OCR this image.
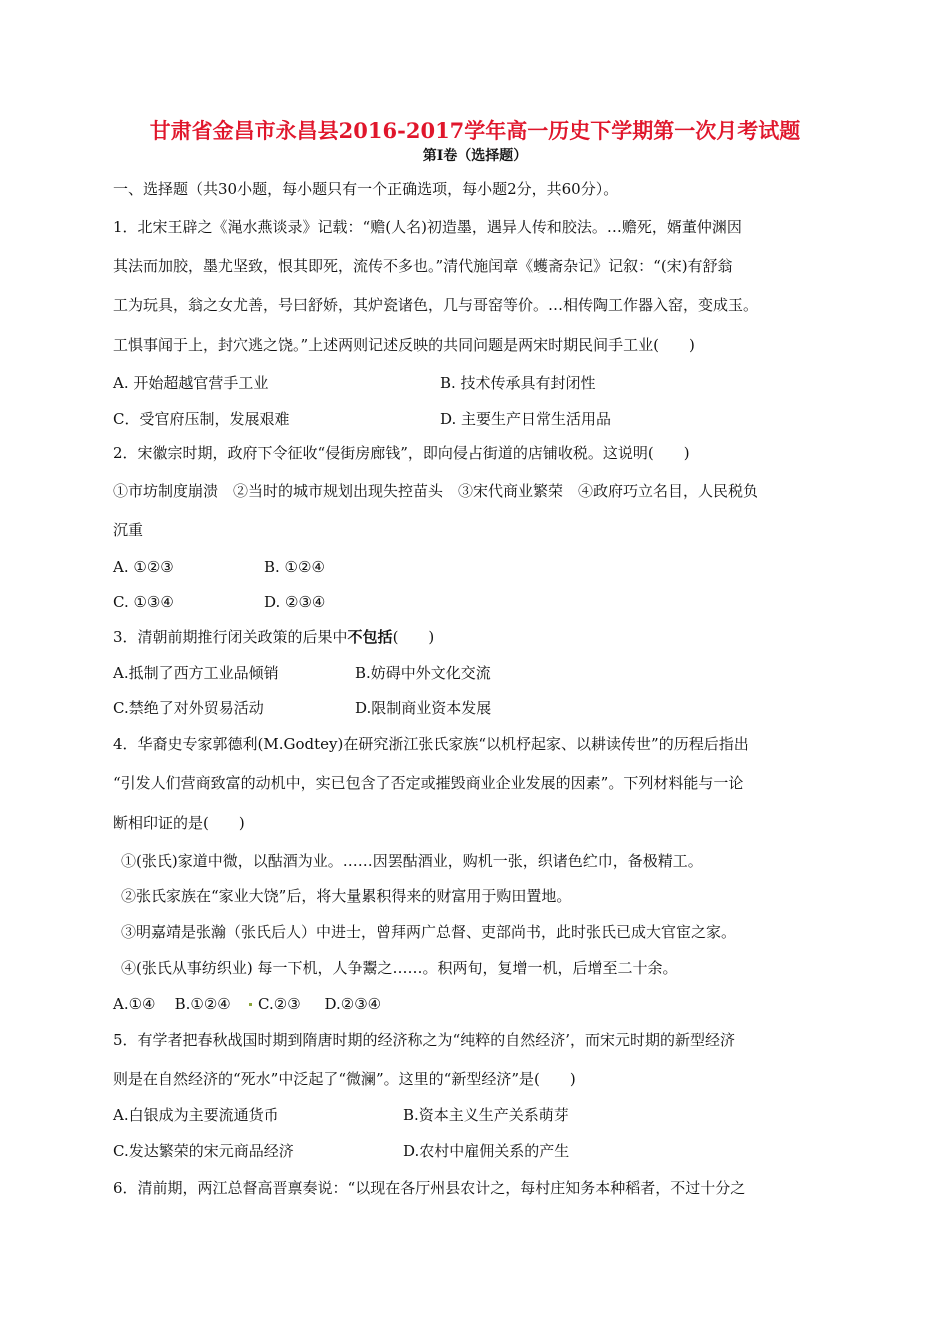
甘肃省金昌市永昌县2016-2017学年高一历史下学期第一次月考试题
第Ⅰ卷（选择题）
一、选择题（共30小题，每小题只有一个正确选项，每小题2分，共60分）。
1．北宋王辟之《渑水燕谈录》记载：“赡(人名)初造墨，遇异人传和胶法。…赡死，婿董仲渊因
其法而加胶，墨尤坚致，恨其即死，流传不多也。”清代施闰章《蠖斋杂记》记叙：“(宋)有舒翁
工为玩具，翁之女尤善，号曰舒娇，其炉瓷诸色，几与哥窑等价。…相传陶工作器入窑，变成玉。
工惧事闻于上，封穴逃之饶。”上述两则记述反映的共同问题是两宋时期民间手工业(　　)
A. 开始超越官营手工业	B. 技术传承具有封闭性
C．受官府压制，发展艰难	D. 主要生产日常生活用品
2．宋徽宗时期，政府下令征收“侵街房廊钱”，即向侵占街道的店铺收税。这说明(　　)
①市坊制度崩溃　②当时的城市规划出现失控苗头　③宋代商业繁荣　④政府巧立名目，人民税负
沉重
A. ①②③	B. ①②④
C. ①③④	D. ②③④
3．清朝前期推行闭关政策的后果中不包括(　　)
A.抵制了西方工业品倾销	B.妨碍中外文化交流
C.禁绝了对外贸易活动	D.限制商业资本发展
4．华裔史专家郭德利(M.Godtey)在研究浙江张氏家族“以机杼起家、以耕读传世”的历程后指出
“引发人们营商致富的动机中，实已包含了否定或摧毁商业企业发展的因素”。下列材料能与一论
断相印证的是(　　)
①(张氏)家道中微，以酤酒为业。……因罢酤酒业，购机一张，织诸色纻巾，备极精工。
②张氏家族在“家业大饶”后，将大量累积得来的财富用于购田置地。
③明嘉靖是张瀚（张氏后人）中进士，曾拜两广总督、吏部尚书，此时张氏已成大官宦之家。
④(张氏从事纺织业) 每一下机，人争鬻之……。积两旬，复增一机，后增至二十余。
A.①④ B.①②④ C.②③ D.②③④
5．有学者把春秋战国时期到隋唐时期的经济称之为“纯粹的自然经济’，而宋元时期的新型经济
则是在自然经济的“死水”中泛起了“微澜”。这里的“新型经济”是(　　)
A.白银成为主要流通货币	B.资本主义生产关系萌芽
C.发达繁荣的宋元商品经济	D.农村中雇佣关系的产生
6．清前期，两江总督高晋禀奏说：“以现在各厅州县农计之，每村庄知务本种稻者，不过十分之
